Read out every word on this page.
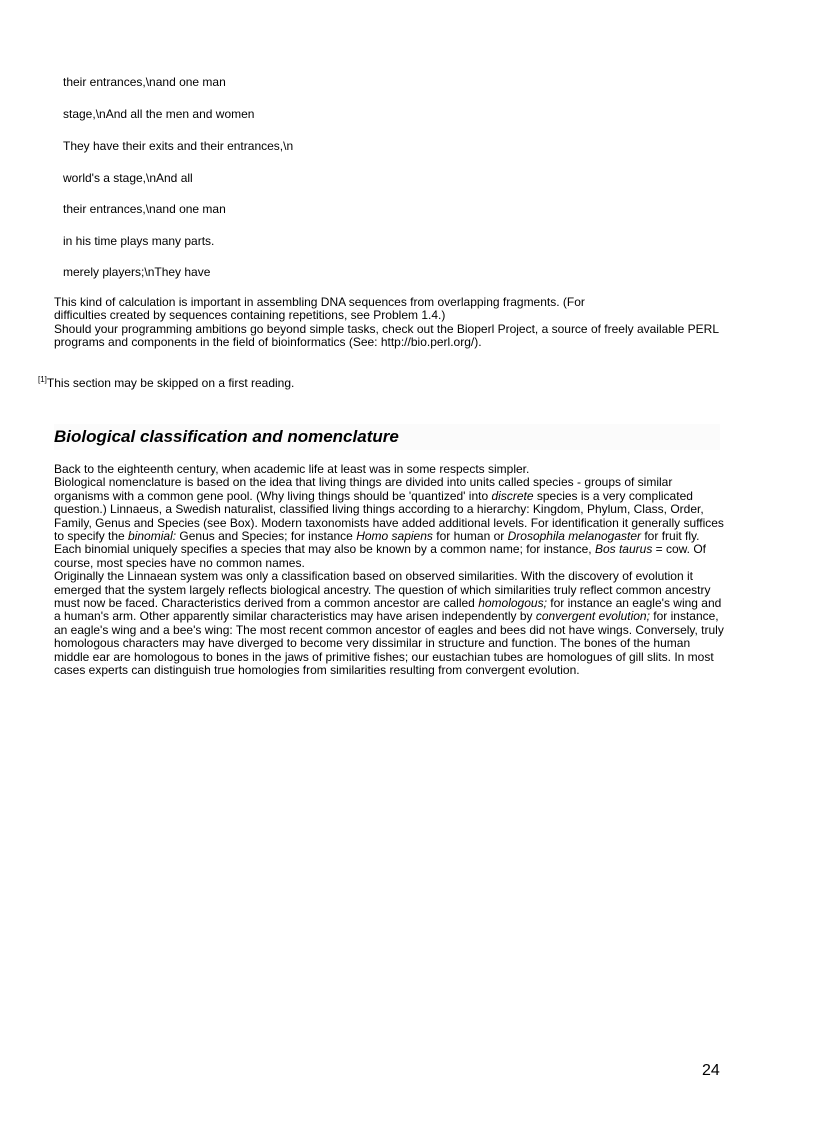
their entrances,\nand one man
stage,\nAnd all the men and women
They have their exits and their entrances,\n
world's a stage,\nAnd all
their entrances,\nand one man
in his time plays many parts.
merely players;\nThey have

This kind of calculation is important in assembling DNA sequences from overlapping fragments. (For

difficulties created by sequences containing repetitions, see Problem 1.4.)

Should your programming ambitions go beyond simple tasks, check out the Bioperl Project, a source of freely available PERL programs and components in the field of bioinformatics (See: http://bio.perl.org/).

[1]This section may be skipped on a first reading.
Biological classification and nomenclature

Back to the eighteenth century, when academic life at least was in some respects simpler.

Biological nomenclature is based on the idea that living things are divided into units called species - groups of similar organisms with a common gene pool. (Why living things should be 'quantized' into discrete species is a very complicated question.) Linnaeus, a Swedish naturalist, classified living things according to a hierarchy: Kingdom, Phylum, Class, Order, Family, Genus and Species (see Box). Modern taxonomists have added additional levels. For identification it generally suffices to specify the binomial: Genus and Species; for instance Homo sapiens for human or Drosophila melanogaster for fruit fly. Each binomial uniquely specifies a species that may also be known by a common name; for instance, Bos taurus = cow. Of course, most species have no common names.

Originally the Linnaean system was only a classification based on observed similarities. With the discovery of evolution it emerged that the system largely reflects biological ancestry. The question of which similarities truly reflect common ancestry must now be faced. Characteristics derived from a common ancestor are called homologous; for instance an eagle's wing and a human's arm. Other apparently similar characteristics may have arisen independently by convergent evolution; for instance, an eagle's wing and a bee's wing: The most recent common ancestor of eagles and bees did not have wings. Conversely, truly homologous characters may have diverged to become very dissimilar in structure and function. The bones of the human middle ear are homologous to bones in the jaws of primitive fishes; our eustachian tubes are homologues of gill slits. In most cases experts can distinguish true homologies from similarities resulting from convergent evolution.

24
